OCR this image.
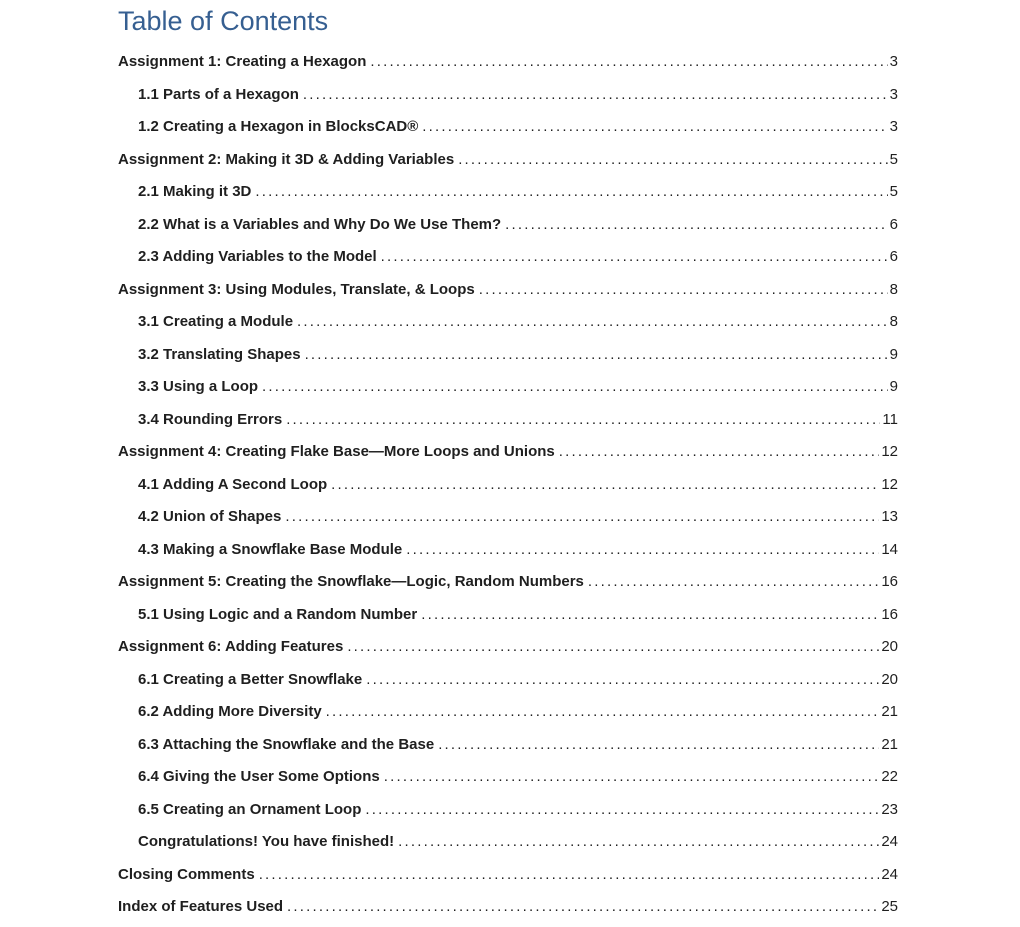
Table of Contents
Assignment 1: Creating a Hexagon .....	3
1.1 Parts of a Hexagon .....	3
1.2 Creating a Hexagon in BlocksCAD® .....	3
Assignment 2: Making it 3D & Adding Variables .....	5
2.1 Making it 3D .....	5
2.2 What is a Variables and Why Do We Use Them? .....	6
2.3 Adding Variables to the Model .....	6
Assignment 3: Using Modules, Translate, & Loops .....	8
3.1 Creating a Module .....	8
3.2 Translating Shapes .....	9
3.3 Using a Loop .....	9
3.4 Rounding Errors .....	11
Assignment 4: Creating Flake Base—More Loops and Unions .....	12
4.1 Adding A Second Loop .....	12
4.2 Union of Shapes .....	13
4.3 Making a Snowflake Base Module .....	14
Assignment 5: Creating the Snowflake—Logic, Random Numbers .....	16
5.1 Using Logic and a Random Number .....	16
Assignment 6: Adding Features .....	20
6.1 Creating a Better Snowflake .....	20
6.2 Adding More Diversity .....	21
6.3 Attaching the Snowflake and the Base .....	21
6.4 Giving the User Some Options .....	22
6.5 Creating an Ornament Loop .....	23
Congratulations! You have finished! .....	24
Closing Comments .....	24
Index of Features Used .....	25
